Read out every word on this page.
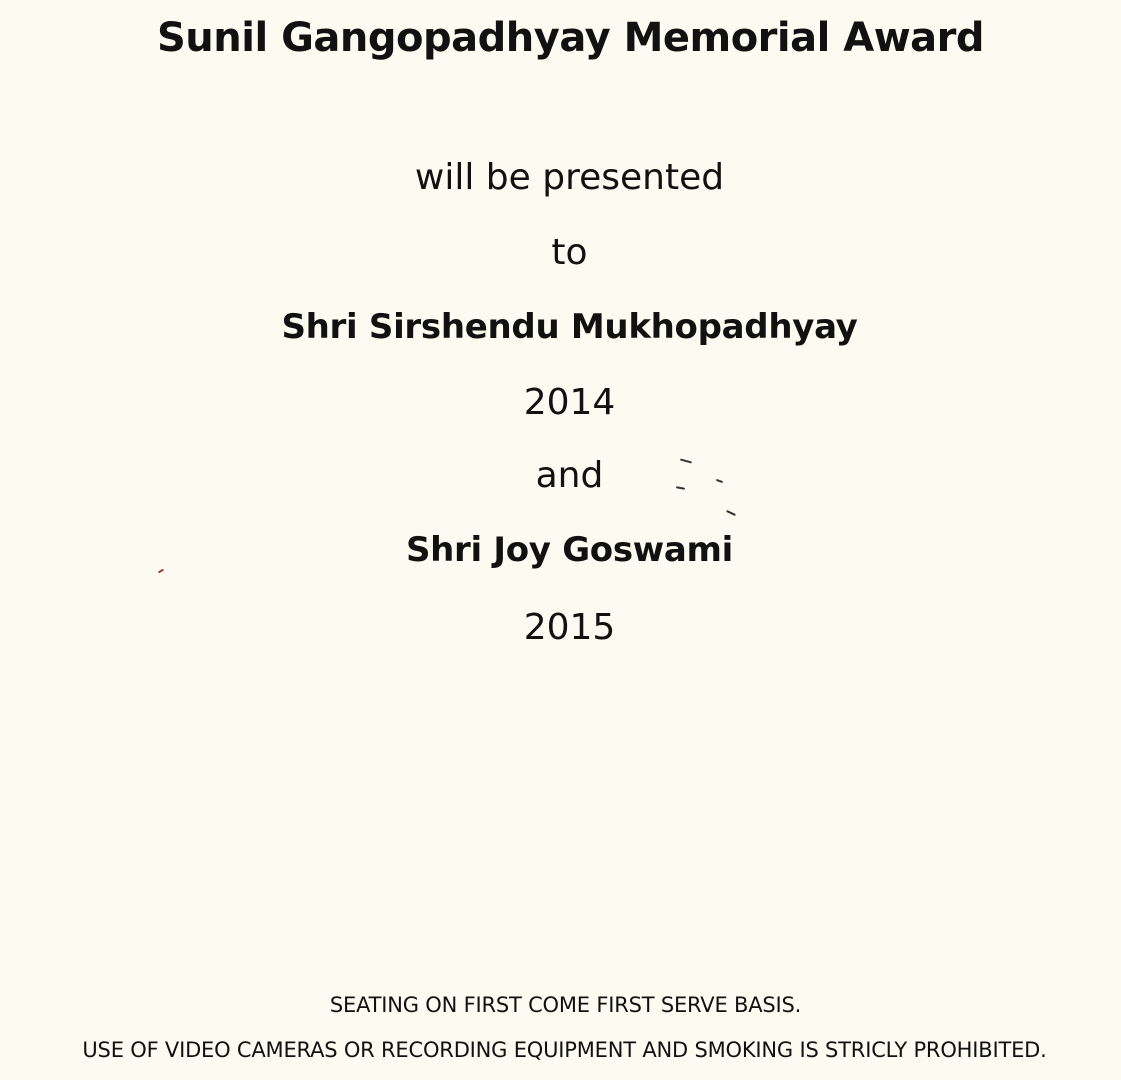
Sunil Gangopadhyay Memorial Award
will be presented
to
Shri Sirshendu Mukhopadhyay
2014
and
Shri Joy Goswami
2015
SEATING ON FIRST COME FIRST SERVE BASIS.
USE OF VIDEO CAMERAS OR RECORDING EQUIPMENT AND SMOKING IS STRICLY PROHIBITED.
